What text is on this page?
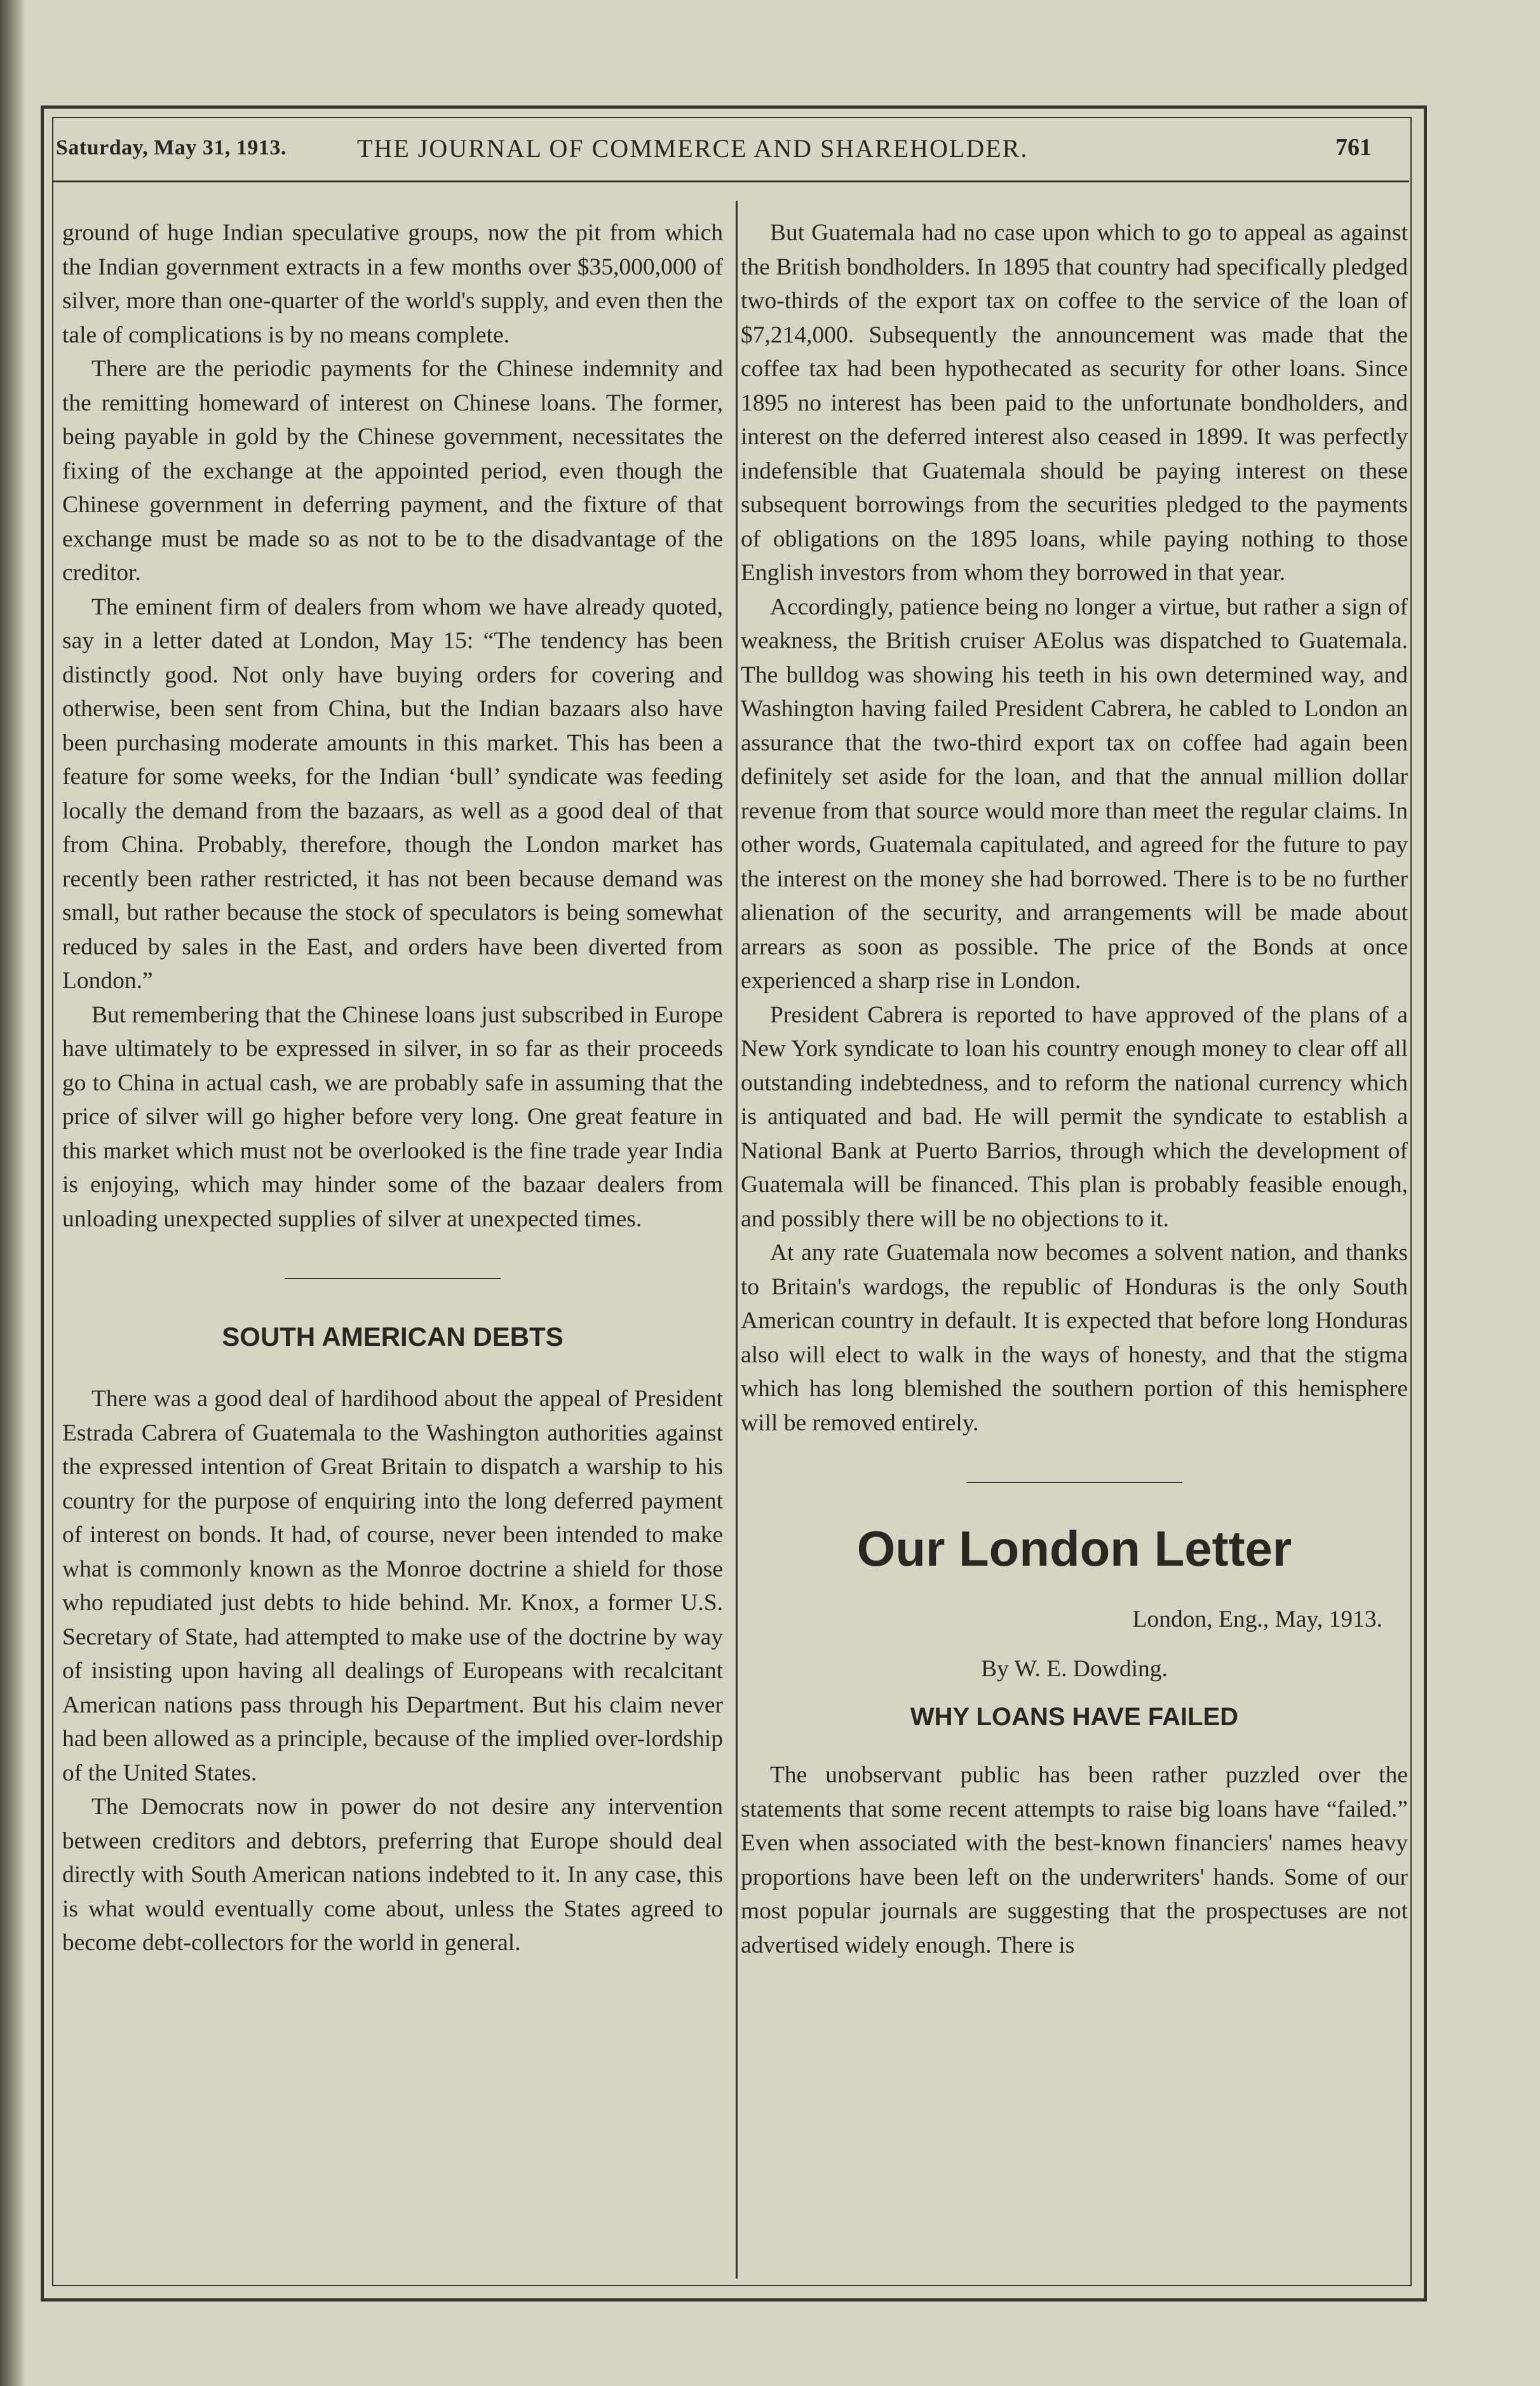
Saturday, May 31, 1913.	THE JOURNAL OF COMMERCE AND SHAREHOLDER.	761

ground of huge Indian speculative groups, now the pit from which the Indian government extracts in a few months over $35,000,000 of silver, more than one-quarter of the world's supply, and even then the tale of complications is by no means complete.

There are the periodic payments for the Chinese indemnity and the remitting homeward of interest on Chinese loans. The former, being payable in gold by the Chinese government, necessitates the fixing of the exchange at the appointed period, even though the Chinese government in deferring payment, and the fixture of that exchange must be made so as not to be to the disadvantage of the creditor.

The eminent firm of dealers from whom we have already quoted, say in a letter dated at London, May 15: “The tendency has been distinctly good. Not only have buying orders for covering and otherwise, been sent from China, but the Indian bazaars also have been purchasing moderate amounts in this market. This has been a feature for some weeks, for the Indian ‘bull’ syndicate was feeding locally the demand from the bazaars, as well as a good deal of that from China. Probably, therefore, though the London market has recently been rather restricted, it has not been because demand was small, but rather because the stock of speculators is being somewhat reduced by sales in the East, and orders have been diverted from London.”

But remembering that the Chinese loans just subscribed in Europe have ultimately to be expressed in silver, in so far as their proceeds go to China in actual cash, we are probably safe in assuming that the price of silver will go higher before very long. One great feature in this market which must not be overlooked is the fine trade year India is enjoying, which may hinder some of the bazaar dealers from unloading unexpected supplies of silver at unexpected times.

SOUTH AMERICAN DEBTS

There was a good deal of hardihood about the appeal of President Estrada Cabrera of Guatemala to the Washington authorities against the expressed intention of Great Britain to dispatch a warship to his country for the purpose of enquiring into the long deferred payment of interest on bonds. It had, of course, never been intended to make what is commonly known as the Monroe doctrine a shield for those who repudiated just debts to hide behind. Mr. Knox, a former U.S. Secretary of State, had attempted to make use of the doctrine by way of insisting upon having all dealings of Europeans with recalcitant American nations pass through his Department. But his claim never had been allowed as a principle, because of the implied over-lordship of the United States.

The Democrats now in power do not desire any intervention between creditors and debtors, preferring that Europe should deal directly with South American nations indebted to it. In any case, this is what would eventually come about, unless the States agreed to become debt-collectors for the world in general.

But Guatemala had no case upon which to go to appeal as against the British bondholders. In 1895 that country had specifically pledged two-thirds of the export tax on coffee to the service of the loan of $7,214,000. Subsequently the announcement was made that the coffee tax had been hypothecated as security for other loans. Since 1895 no interest has been paid to the unfortunate bondholders, and interest on the deferred interest also ceased in 1899. It was perfectly indefensible that Guatemala should be paying interest on these subsequent borrowings from the securities pledged to the payments of obligations on the 1895 loans, while paying nothing to those English investors from whom they borrowed in that year.

Accordingly, patience being no longer a virtue, but rather a sign of weakness, the British cruiser AEolus was dispatched to Guatemala. The bulldog was showing his teeth in his own determined way, and Washington having failed President Cabrera, he cabled to London an assurance that the two-third export tax on coffee had again been definitely set aside for the loan, and that the annual million dollar revenue from that source would more than meet the regular claims. In other words, Guatemala capitulated, and agreed for the future to pay the interest on the money she had borrowed. There is to be no further alienation of the security, and arrangements will be made about arrears as soon as possible. The price of the Bonds at once experienced a sharp rise in London.

President Cabrera is reported to have approved of the plans of a New York syndicate to loan his country enough money to clear off all outstanding indebtedness, and to reform the national currency which is antiquated and bad. He will permit the syndicate to establish a National Bank at Puerto Barrios, through which the development of Guatemala will be financed. This plan is probably feasible enough, and possibly there will be no objections to it.

At any rate Guatemala now becomes a solvent nation, and thanks to Britain's wardogs, the republic of Honduras is the only South American country in default. It is expected that before long Honduras also will elect to walk in the ways of honesty, and that the stigma which has long blemished the southern portion of this hemisphere will be removed entirely.

Our London Letter
London, Eng., May, 1913.
By W. E. Dowding.
WHY LOANS HAVE FAILED

The unobservant public has been rather puzzled over the statements that some recent attempts to raise big loans have “failed.” Even when associated with the best-known financiers' names heavy proportions have been left on the underwriters' hands. Some of our most popular journals are suggesting that the prospectuses are not advertised widely enough. There is
